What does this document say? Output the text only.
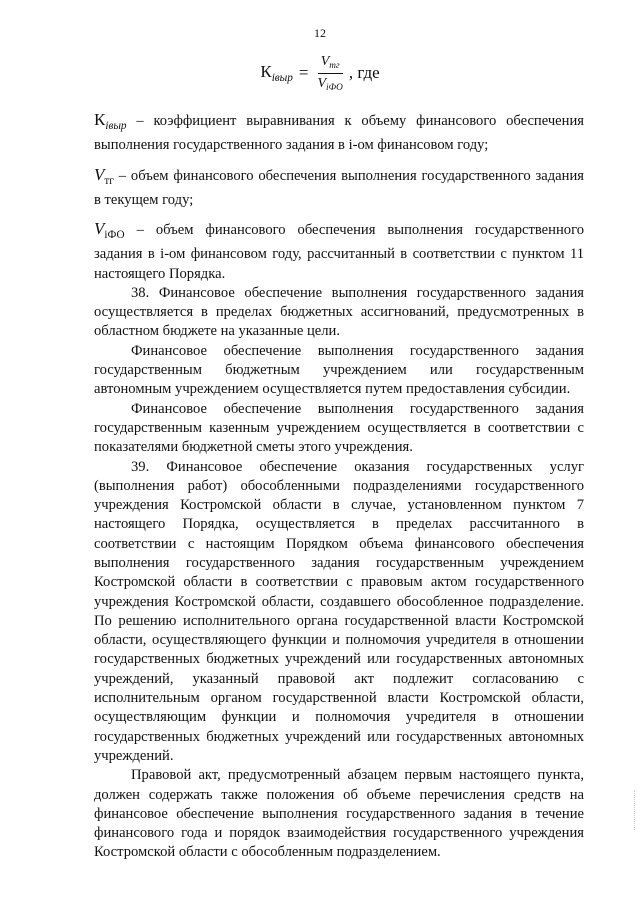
12
$К_{iвыр} = \frac{V_{тг}}{V_{iФО}}$ , где

$К_{iвыр}$ – коэффициент выравнивания к объему финансового обеспечения выполнения государственного задания в i-ом финансовом году;

$V_{тг}$ – объем финансового обеспечения выполнения государственного задания в текущем году;

$V_{iФО}$ – объем финансового обеспечения выполнения государственного задания в i-ом финансовом году, рассчитанный в соответствии с пунктом 11 настоящего Порядка.

38. Финансовое обеспечение выполнения государственного задания осуществляется в пределах бюджетных ассигнований, предусмотренных в областном бюджете на указанные цели.

Финансовое обеспечение выполнения государственного задания государственным бюджетным учреждением или государственным автономным учреждением осуществляется путем предоставления субсидии.

Финансовое обеспечение выполнения государственного задания государственным казенным учреждением осуществляется в соответствии с показателями бюджетной сметы этого учреждения.

39. Финансовое обеспечение оказания государственных услуг (выполнения работ) обособленными подразделениями государственного учреждения Костромской области в случае, установленном пунктом 7 настоящего Порядка, осуществляется в пределах рассчитанного в соответствии с настоящим Порядком объема финансового обеспечения выполнения государственного задания государственным учреждением Костромской области в соответствии с правовым актом государственного учреждения Костромской области, создавшего обособленное подразделение. По решению исполнительного органа государственной власти Костромской области, осуществляющего функции и полномочия учредителя в отношении государственных бюджетных учреждений или государственных автономных учреждений, указанный правовой акт подлежит согласованию с исполнительным органом государственной власти Костромской области, осуществляющим функции и полномочия учредителя в отношении государственных бюджетных учреждений или государственных автономных учреждений.

Правовой акт, предусмотренный абзацем первым настоящего пункта, должен содержать также положения об объеме перечисления средств на финансовое обеспечение выполнения государственного задания в течение финансового года и порядок взаимодействия государственного учреждения Костромской области с обособленным подразделением.
